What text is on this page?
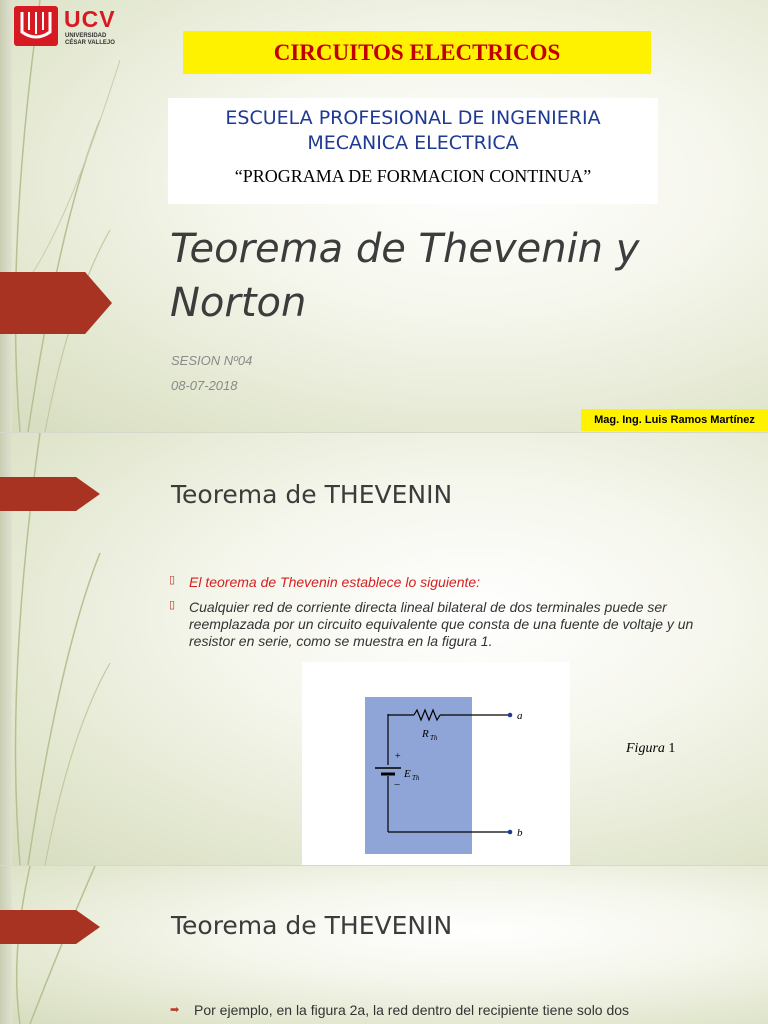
UCV
UNIVERSIDAD
CÉSAR VALLEJO	CIRCUITOS ELECTRICOS
ESCUELA PROFESIONAL DE INGENIERIA
MECANICA ELECTRICA
“PROGRAMA DE FORMACION CONTINUA”
Teorema de Thevenin y
Norton
SESION Nº04
08-07-2018
Mag. Ing. Luis Ramos Martínez
Teorema de THEVENIN
▯ El teorema de Thevenin establece lo siguiente:
▯ Cualquier red de corriente directa lineal bilateral de dos terminales puede ser reemplazada por un circuito equivalente que consta de una fuente de voltaje y un resistor en serie, como se muestra en la figura 1.
+
−
R Th
E Th
a
b
Figura 1
Teorema de THEVENIN
➡ Por ejemplo, en la figura 2a, la red dentro del recipiente tiene solo dos
